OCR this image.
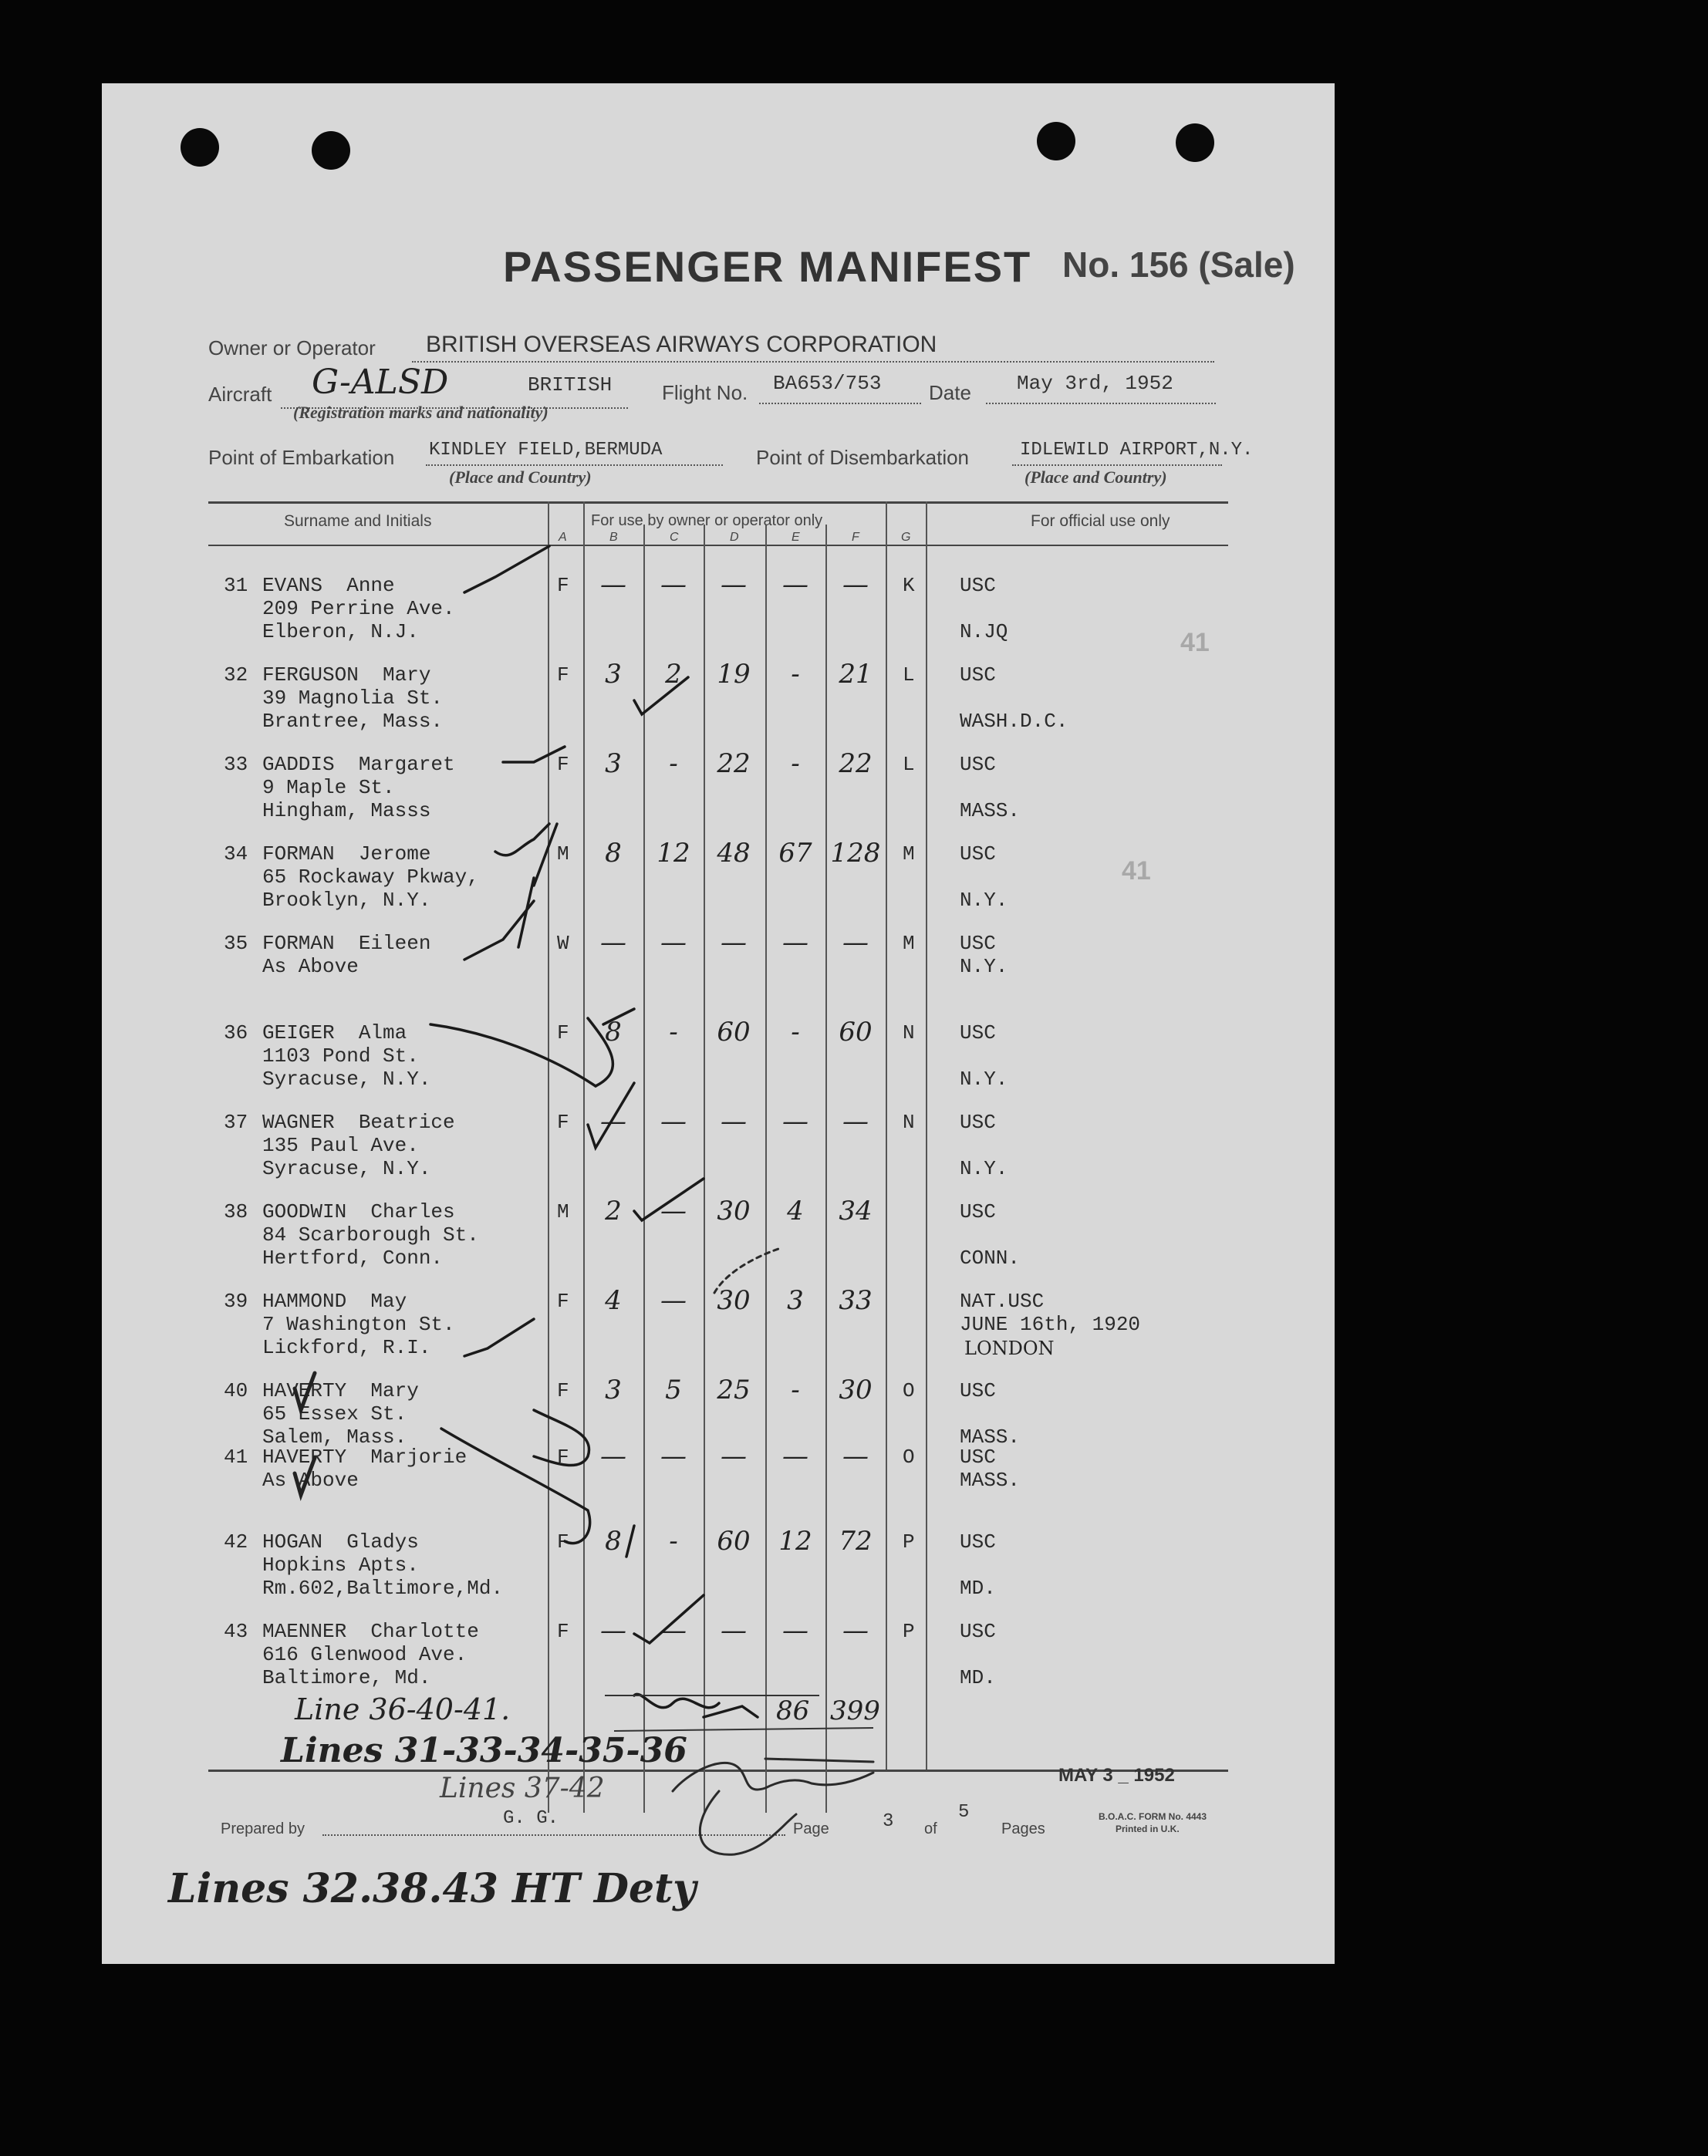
PASSENGER MANIFEST No. 156 (Sale)
Owner or Operator BRITISH OVERSEAS AIRWAYS CORPORATION
Aircraft G-ALSD	BRITISH
(Registration marks and nationality)
Flight No. BA653/753 Date May 3rd, 1952
Point of Embarkation KINDLEY FIELD,BERMUDA
(Place and Country)
Point of Disembarkation	IDLEWILD AIRPORT,N.Y.
(Place and Country)
Surname and Initials	For use by owner or operator only	For official use only
A	B	C	D	E	F	G
31 EVANS  Anne
209 Perrine Ave.
Elberon, N.J.
F	—	—	—	—	—	K USC
N.JQ
32 FERGUSON  Mary
39 Magnolia St.
Brantree, Mass.
F	3	2	19	-	21	L USC
WASH.D.C.
33 GADDIS  Margaret
9 Maple St.
Hingham, Masss
F	3	-	22	-	22	L USC
MASS.
34 FORMAN  Jerome
65 Rockaway Pkway,
Brooklyn, N.Y.
M	8	12	48	67 128 M USC
N.Y.
35 FORMAN  Eileen
As Above
W	—	—	—	—	—	M USC
N.Y.
36 GEIGER  Alma
1103 Pond St.
Syracuse, N.Y.
F	8	-	60	-	60	N USC
N.Y.
37 WAGNER  Beatrice
135 Paul Ave.
Syracuse, N.Y.
F	—	—	—	—	—	N USC
N.Y.
38 GOODWIN  Charles
84 Scarborough St.
Hertford, Conn.
M	2	—	30	4	34	USC
CONN.
39 HAMMOND  May
7 Washington St.
Lickford, R.I.
F	4	—	30	3	33	NAT.USC
JUNE 16th, 1920
LONDON
40 HAVERTY  Mary
65 Essex St.
Salem, Mass.
F	3	5	25	-	30	O USC
MASS.
41 HAVERTY  Marjorie
As Above
F	—	—	—	—	—	O USC
MASS.
42 HOGAN  Gladys
Hopkins Apts.
Rm.602,Baltimore,Md.
F	8	-	60	12	72	P USC
MD.
43 MAENNER  Charlotte
616 Glenwood Ave.
Baltimore, Md.
F	—	—	—	—	—	P USC
MD.
41
41
86 399
Line 36-40-41.
Lines 31-33-34-35-36
Lines 37-42
Lines 32.38.43 HT Dety
MAY 3 _ 1952
Prepared by	G. G.	Page	3 of
5
Pages
B.O.A.C. FORM No. 4443
Printed in U.K.
